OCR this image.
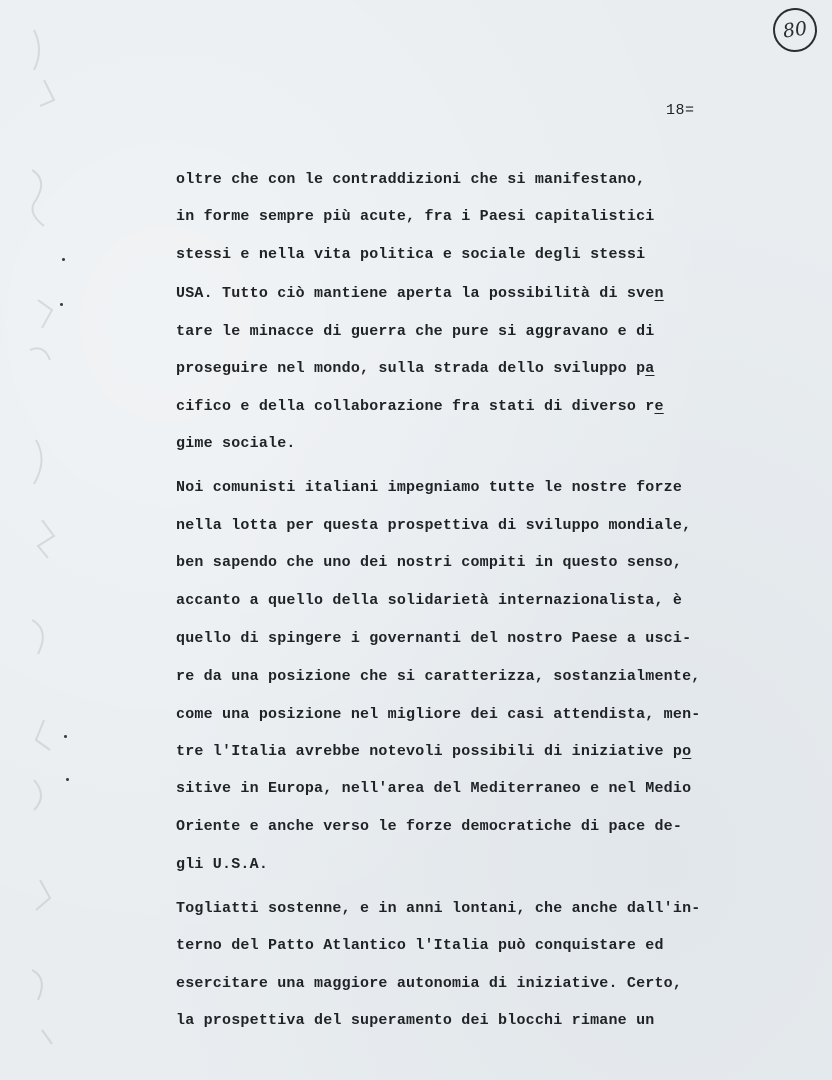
80
18=
oltre che con le contraddizioni che si manifestano,
in forme sempre più acute, fra i Paesi capitalistici
stessi e nella vita politica e sociale degli stessi
USA. Tutto ciò mantiene aperta la possibilità di sven
tare le minacce di guerra che pure si aggravano e di
proseguire nel mondo, sulla strada dello sviluppo pa
cifico e della collaborazione fra stati di diverso re
gime sociale.
Noi comunisti italiani impegniamo tutte le nostre forze
nella lotta per questa prospettiva di sviluppo mondiale,
ben sapendo che uno dei nostri compiti in questo senso,
accanto a quello della solidarietà internazionalista, è
quello di spingere i governanti del nostro Paese a usci-
re da una posizione che si caratterizza, sostanzialmente,
come una posizione nel migliore dei casi attendista, men-
tre l'Italia avrebbe notevoli possibili di iniziative po
sitive in Europa, nell'area del Mediterraneo e nel Medio
Oriente e anche verso le forze democratiche di pace de-
gli U.S.A.
Togliatti sostenne, e in anni lontani, che anche dall'in-
terno del Patto Atlantico l'Italia può conquistare ed
esercitare una maggiore autonomia di iniziative. Certo,
la prospettiva del superamento dei blocchi rimane un
